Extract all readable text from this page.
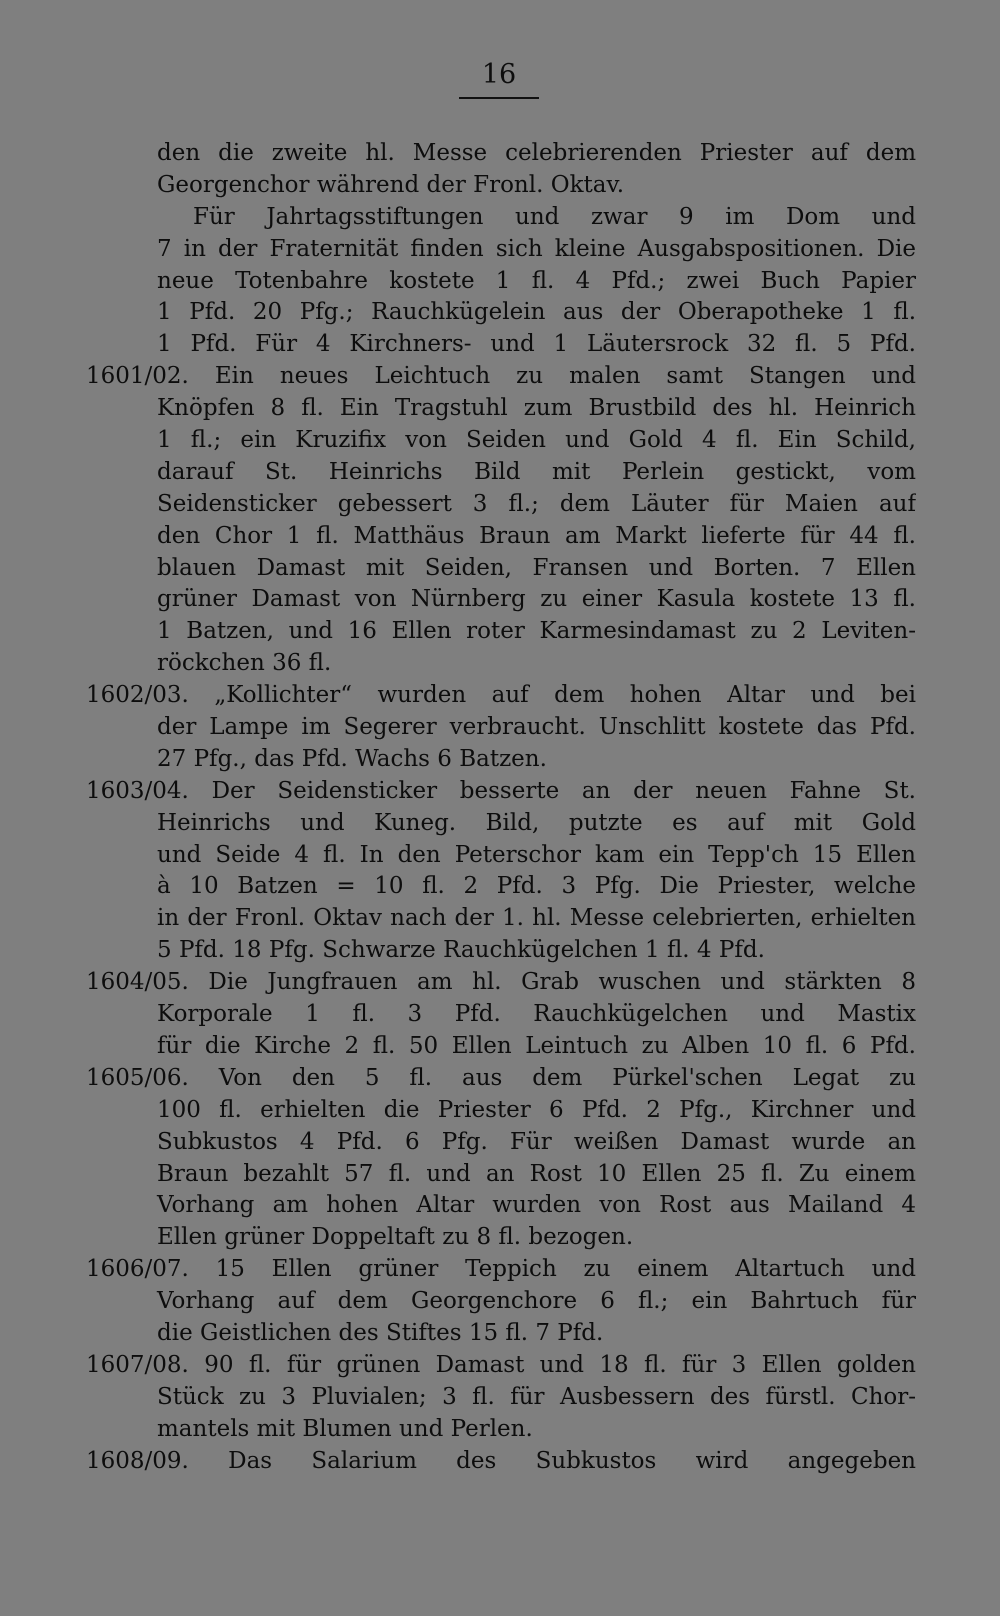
16
den die zweite hl. Messe celebrierenden Priester auf dem
Georgenchor während der Fronl. Oktav.
Für Jahrtagsstiftungen und zwar 9 im Dom und
7 in der Fraternität finden sich kleine Ausgabspositionen. Die
neue Totenbahre kostete 1 fl. 4 Pfd.; zwei Buch Papier
1 Pfd. 20 Pfg.; Rauchkügelein aus der Oberapotheke 1 fl.
1 Pfd. Für 4 Kirchners- und 1 Läutersrock 32 fl. 5 Pfd.
1601/02. Ein neues Leichtuch zu malen samt Stangen und
Knöpfen 8 fl. Ein Tragstuhl zum Brustbild des hl. Heinrich
1 fl.; ein Kruzifix von Seiden und Gold 4 fl. Ein Schild,
darauf St. Heinrichs Bild mit Perlein gestickt, vom
Seidensticker gebessert 3 fl.; dem Läuter für Maien auf
den Chor 1 fl. Matthäus Braun am Markt lieferte für 44 fl.
blauen Damast mit Seiden, Fransen und Borten. 7 Ellen
grüner Damast von Nürnberg zu einer Kasula kostete 13 fl.
1 Batzen, und 16 Ellen roter Karmesindamast zu 2 Leviten-
röckchen 36 fl.
1602/03. „Kollichter“ wurden auf dem hohen Altar und bei
der Lampe im Segerer verbraucht. Unschlitt kostete das Pfd.
27 Pfg., das Pfd. Wachs 6 Batzen.
1603/04. Der Seidensticker besserte an der neuen Fahne St.
Heinrichs und Kuneg. Bild, putzte es auf mit Gold
und Seide 4 fl. In den Peterschor kam ein Tepp'ch 15 Ellen
à 10 Batzen = 10 fl. 2 Pfd. 3 Pfg. Die Priester, welche
in der Fronl. Oktav nach der 1. hl. Messe celebrierten, erhielten
5 Pfd. 18 Pfg. Schwarze Rauchkügelchen 1 fl. 4 Pfd.
1604/05. Die Jungfrauen am hl. Grab wuschen und stärkten 8
Korporale 1 fl. 3 Pfd. Rauchkügelchen und Mastix
für die Kirche 2 fl. 50 Ellen Leintuch zu Alben 10 fl. 6 Pfd.
1605/06. Von den 5 fl. aus dem Pürkel'schen Legat zu
100 fl. erhielten die Priester 6 Pfd. 2 Pfg., Kirchner und
Subkustos 4 Pfd. 6 Pfg. Für weißen Damast wurde an
Braun bezahlt 57 fl. und an Rost 10 Ellen 25 fl. Zu einem
Vorhang am hohen Altar wurden von Rost aus Mailand 4
Ellen grüner Doppeltaft zu 8 fl. bezogen.
1606/07. 15 Ellen grüner Teppich zu einem Altartuch und
Vorhang auf dem Georgenchore 6 fl.; ein Bahrtuch für
die Geistlichen des Stiftes 15 fl. 7 Pfd.
1607/08. 90 fl. für grünen Damast und 18 fl. für 3 Ellen golden
Stück zu 3 Pluvialen; 3 fl. für Ausbessern des fürstl. Chor-
mantels mit Blumen und Perlen.
1608/09. Das Salarium des Subkustos wird angegeben
